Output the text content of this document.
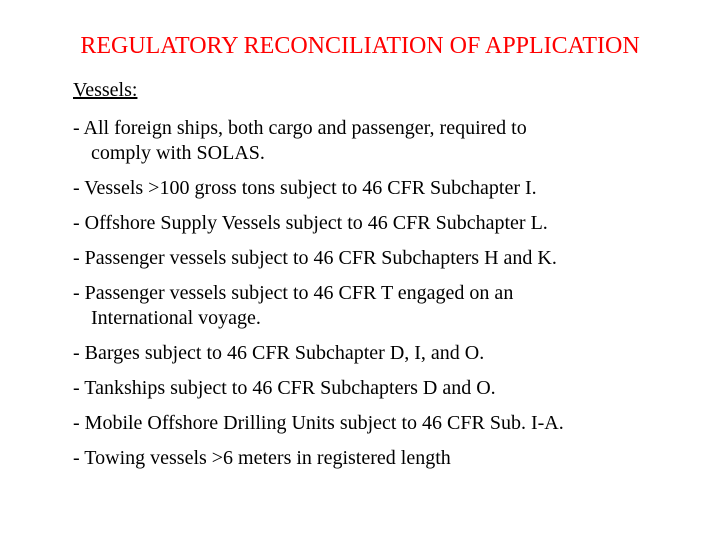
REGULATORY RECONCILIATION OF APPLICATION
Vessels:
- All foreign ships, both cargo and passenger, required to
comply with SOLAS.
- Vessels >100 gross tons subject to 46 CFR Subchapter I.
- Offshore Supply Vessels subject to 46 CFR Subchapter L.
- Passenger vessels subject to 46 CFR Subchapters H and K.
- Passenger vessels subject to 46 CFR T engaged on an
International voyage.
- Barges subject to 46 CFR Subchapter D, I, and O.
- Tankships subject to 46 CFR Subchapters D and O.
- Mobile Offshore Drilling Units subject to 46 CFR Sub. I-A.
- Towing vessels >6 meters in registered length
